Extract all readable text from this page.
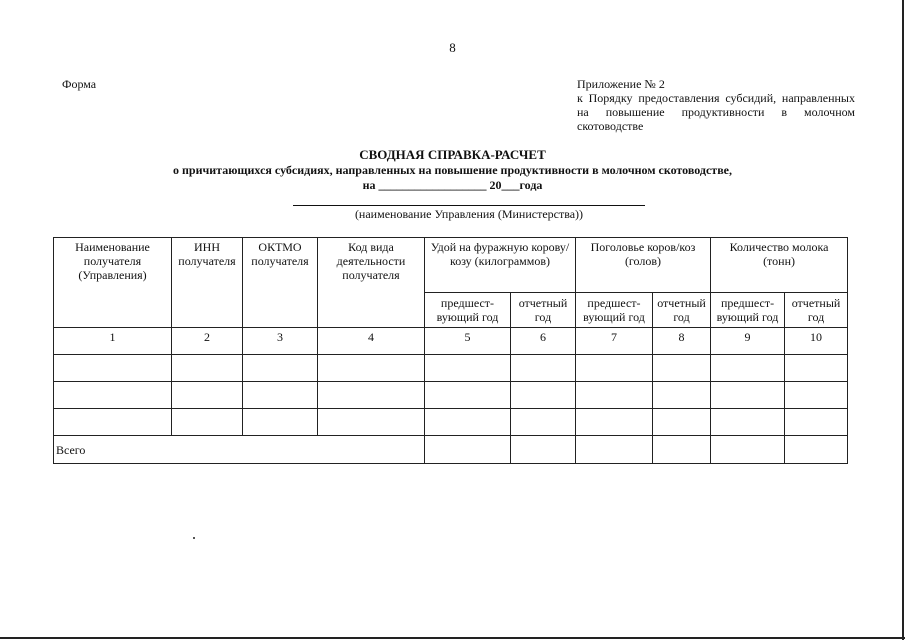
8
Форма	Приложение № 2
к Порядку предоставления субсидий, направленных на повышение продуктивности в молочном скотоводстве
СВОДНАЯ СПРАВКА-РАСЧЕТ
о причитающихся субсидиях, направленных на повышение продуктивности в молочном скотоводстве,
на __________________ 20___года
(наименование Управления (Министерства))
Наименование получателя (Управления)	ИНН получателя	ОКТМО получателя	Код вида деятельности получателя	Удой на фуражную корову/козу (килограммов)		Поголовье коров/коз (голов)		Количество молока (тонн)	
				предшест-вующий год	отчетный год	предшест-вующий год	отчетный год	предшест-вующий год	отчетный год
1	2	3	4	5	6	7	8	9	10

Всего									
